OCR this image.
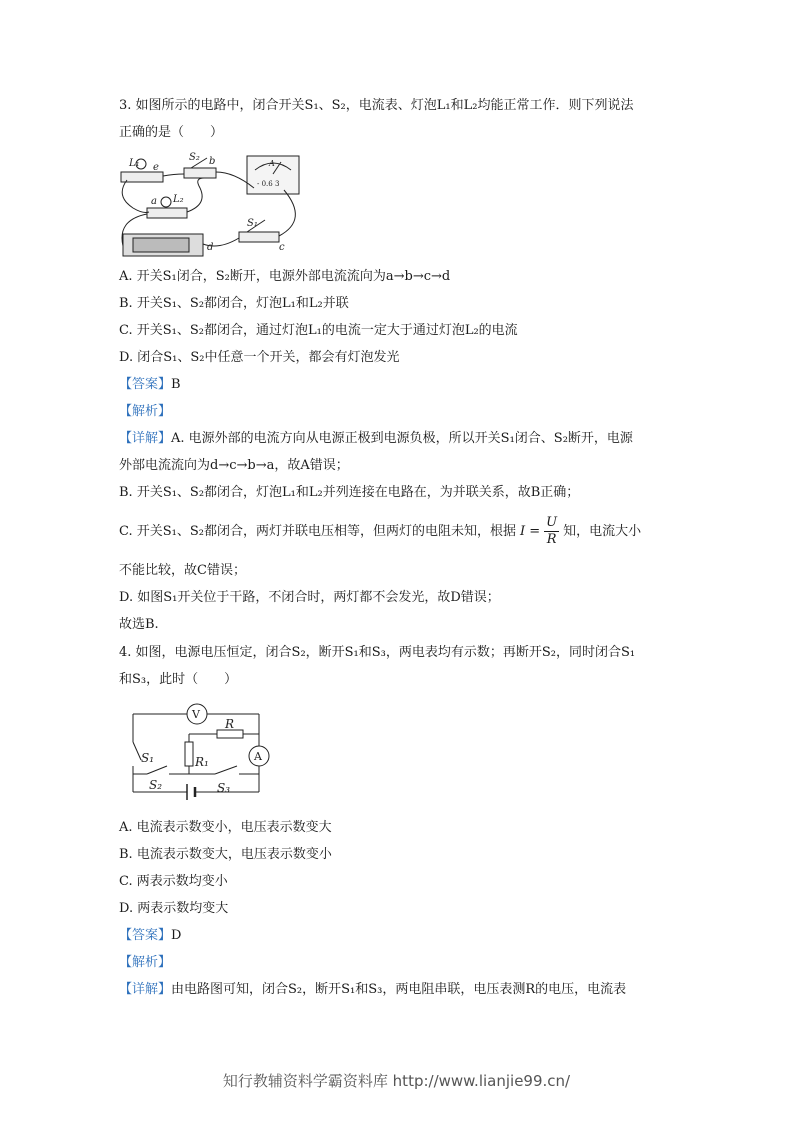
3. 如图所示的电路中，闭合开关S₁、S₂，电流表、灯泡L₁和L₂均能正常工作．则下列说法
正确的是（　　）
L₁ e
S₂ b
a L₂
d
S₁
c
A
- 0.6 3
A. 开关S₁闭合，S₂断开，电源外部电流流向为a→b→c→d
B. 开关S₁、S₂都闭合，灯泡L₁和L₂并联
C. 开关S₁、S₂都闭合，通过灯泡L₁的电流一定大于通过灯泡L₂的电流
D. 闭合S₁、S₂中任意一个开关，都会有灯泡发光
【答案】B
【解析】
【详解】A. 电源外部的电流方向从电源正极到电源负极，所以开关S₁闭合、S₂断开，电源
外部电流流向为d→c→b→a，故A错误；
B. 开关S₁、S₂都闭合，灯泡L₁和L₂并列连接在电路在，为并联关系，故B正确；
C. 开关S₁、S₂都闭合，两灯并联电压相等，但两灯的电阻未知，根据 $I = \frac{U}{R}$ 知，电流大小
不能比较，故C错误；
D. 如图S₁开关位于干路，不闭合时，两灯都不会发光，故D错误；
故选B.
4. 如图，电源电压恒定，闭合S₂，断开S₁和S₃，两电表均有示数；再断开S₂，同时闭合S₁
和S₃，此时（　　）
V
R
A
S₁	R₁
S₂	S₃
A. 电流表示数变小，电压表示数变大
B. 电流表示数变大，电压表示数变小
C. 两表示数均变小
D. 两表示数均变大
【答案】D
【解析】
【详解】由电路图可知，闭合S₂，断开S₁和S₃，两电阻串联，电压表测R的电压，电流表
知行教辅资料学霸资料库 http://www.lianjie99.cn/
